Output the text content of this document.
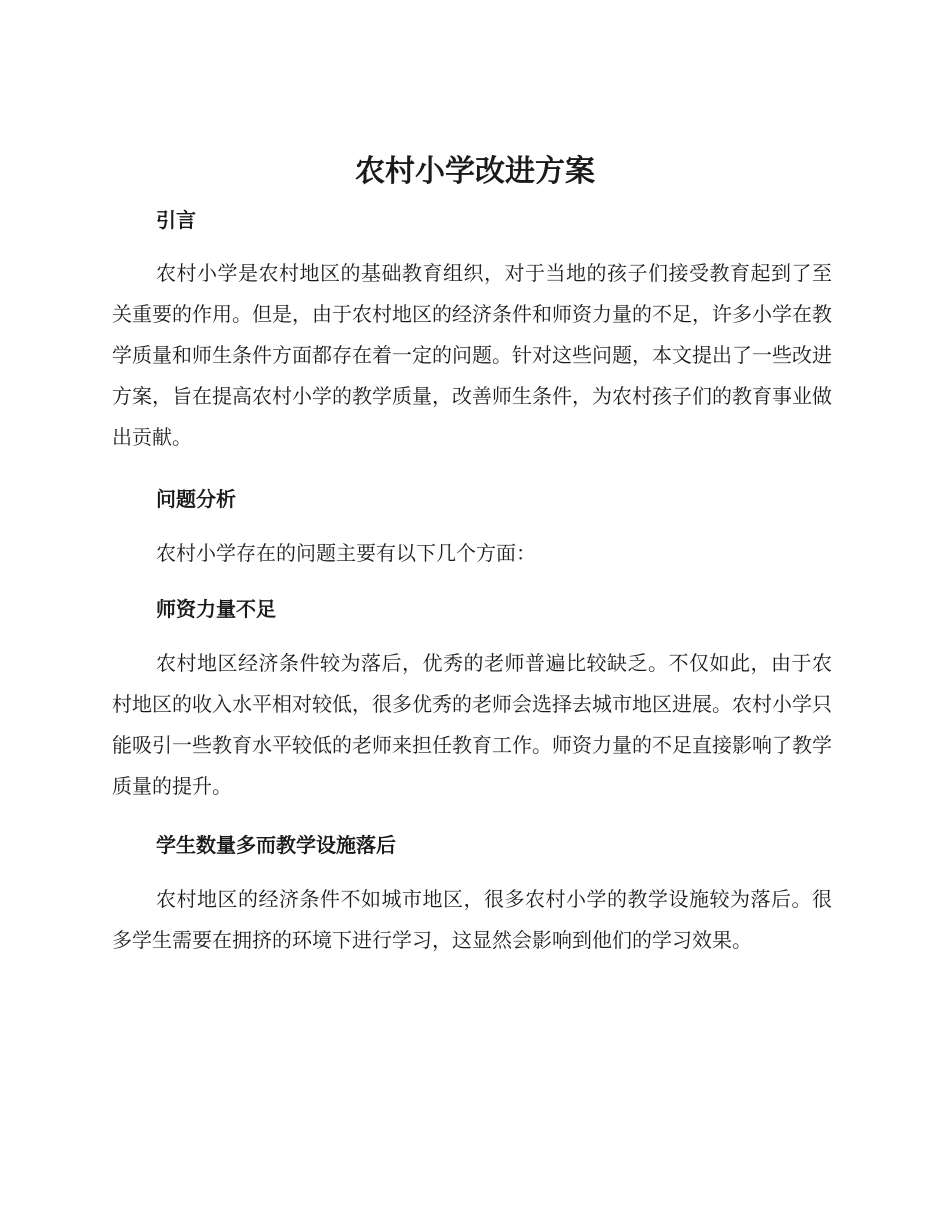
农村小学改进方案
引言

农村小学是农村地区的基础教育组织，对于当地的孩子们接受教育起到了至关重要的作用。但是，由于农村地区的经济条件和师资力量的不足，许多小学在教学质量和师生条件方面都存在着一定的问题。针对这些问题，本文提出了一些改进方案，旨在提高农村小学的教学质量，改善师生条件，为农村孩子们的教育事业做出贡献。

问题分析

农村小学存在的问题主要有以下几个方面：

师资力量不足

农村地区经济条件较为落后，优秀的老师普遍比较缺乏。不仅如此，由于农村地区的收入水平相对较低，很多优秀的老师会选择去城市地区进展。农村小学只能吸引一些教育水平较低的老师来担任教育工作。师资力量的不足直接影响了教学质量的提升。

学生数量多而教学设施落后

农村地区的经济条件不如城市地区，很多农村小学的教学设施较为落后。很多学生需要在拥挤的环境下进行学习，这显然会影响到他们的学习效果。
